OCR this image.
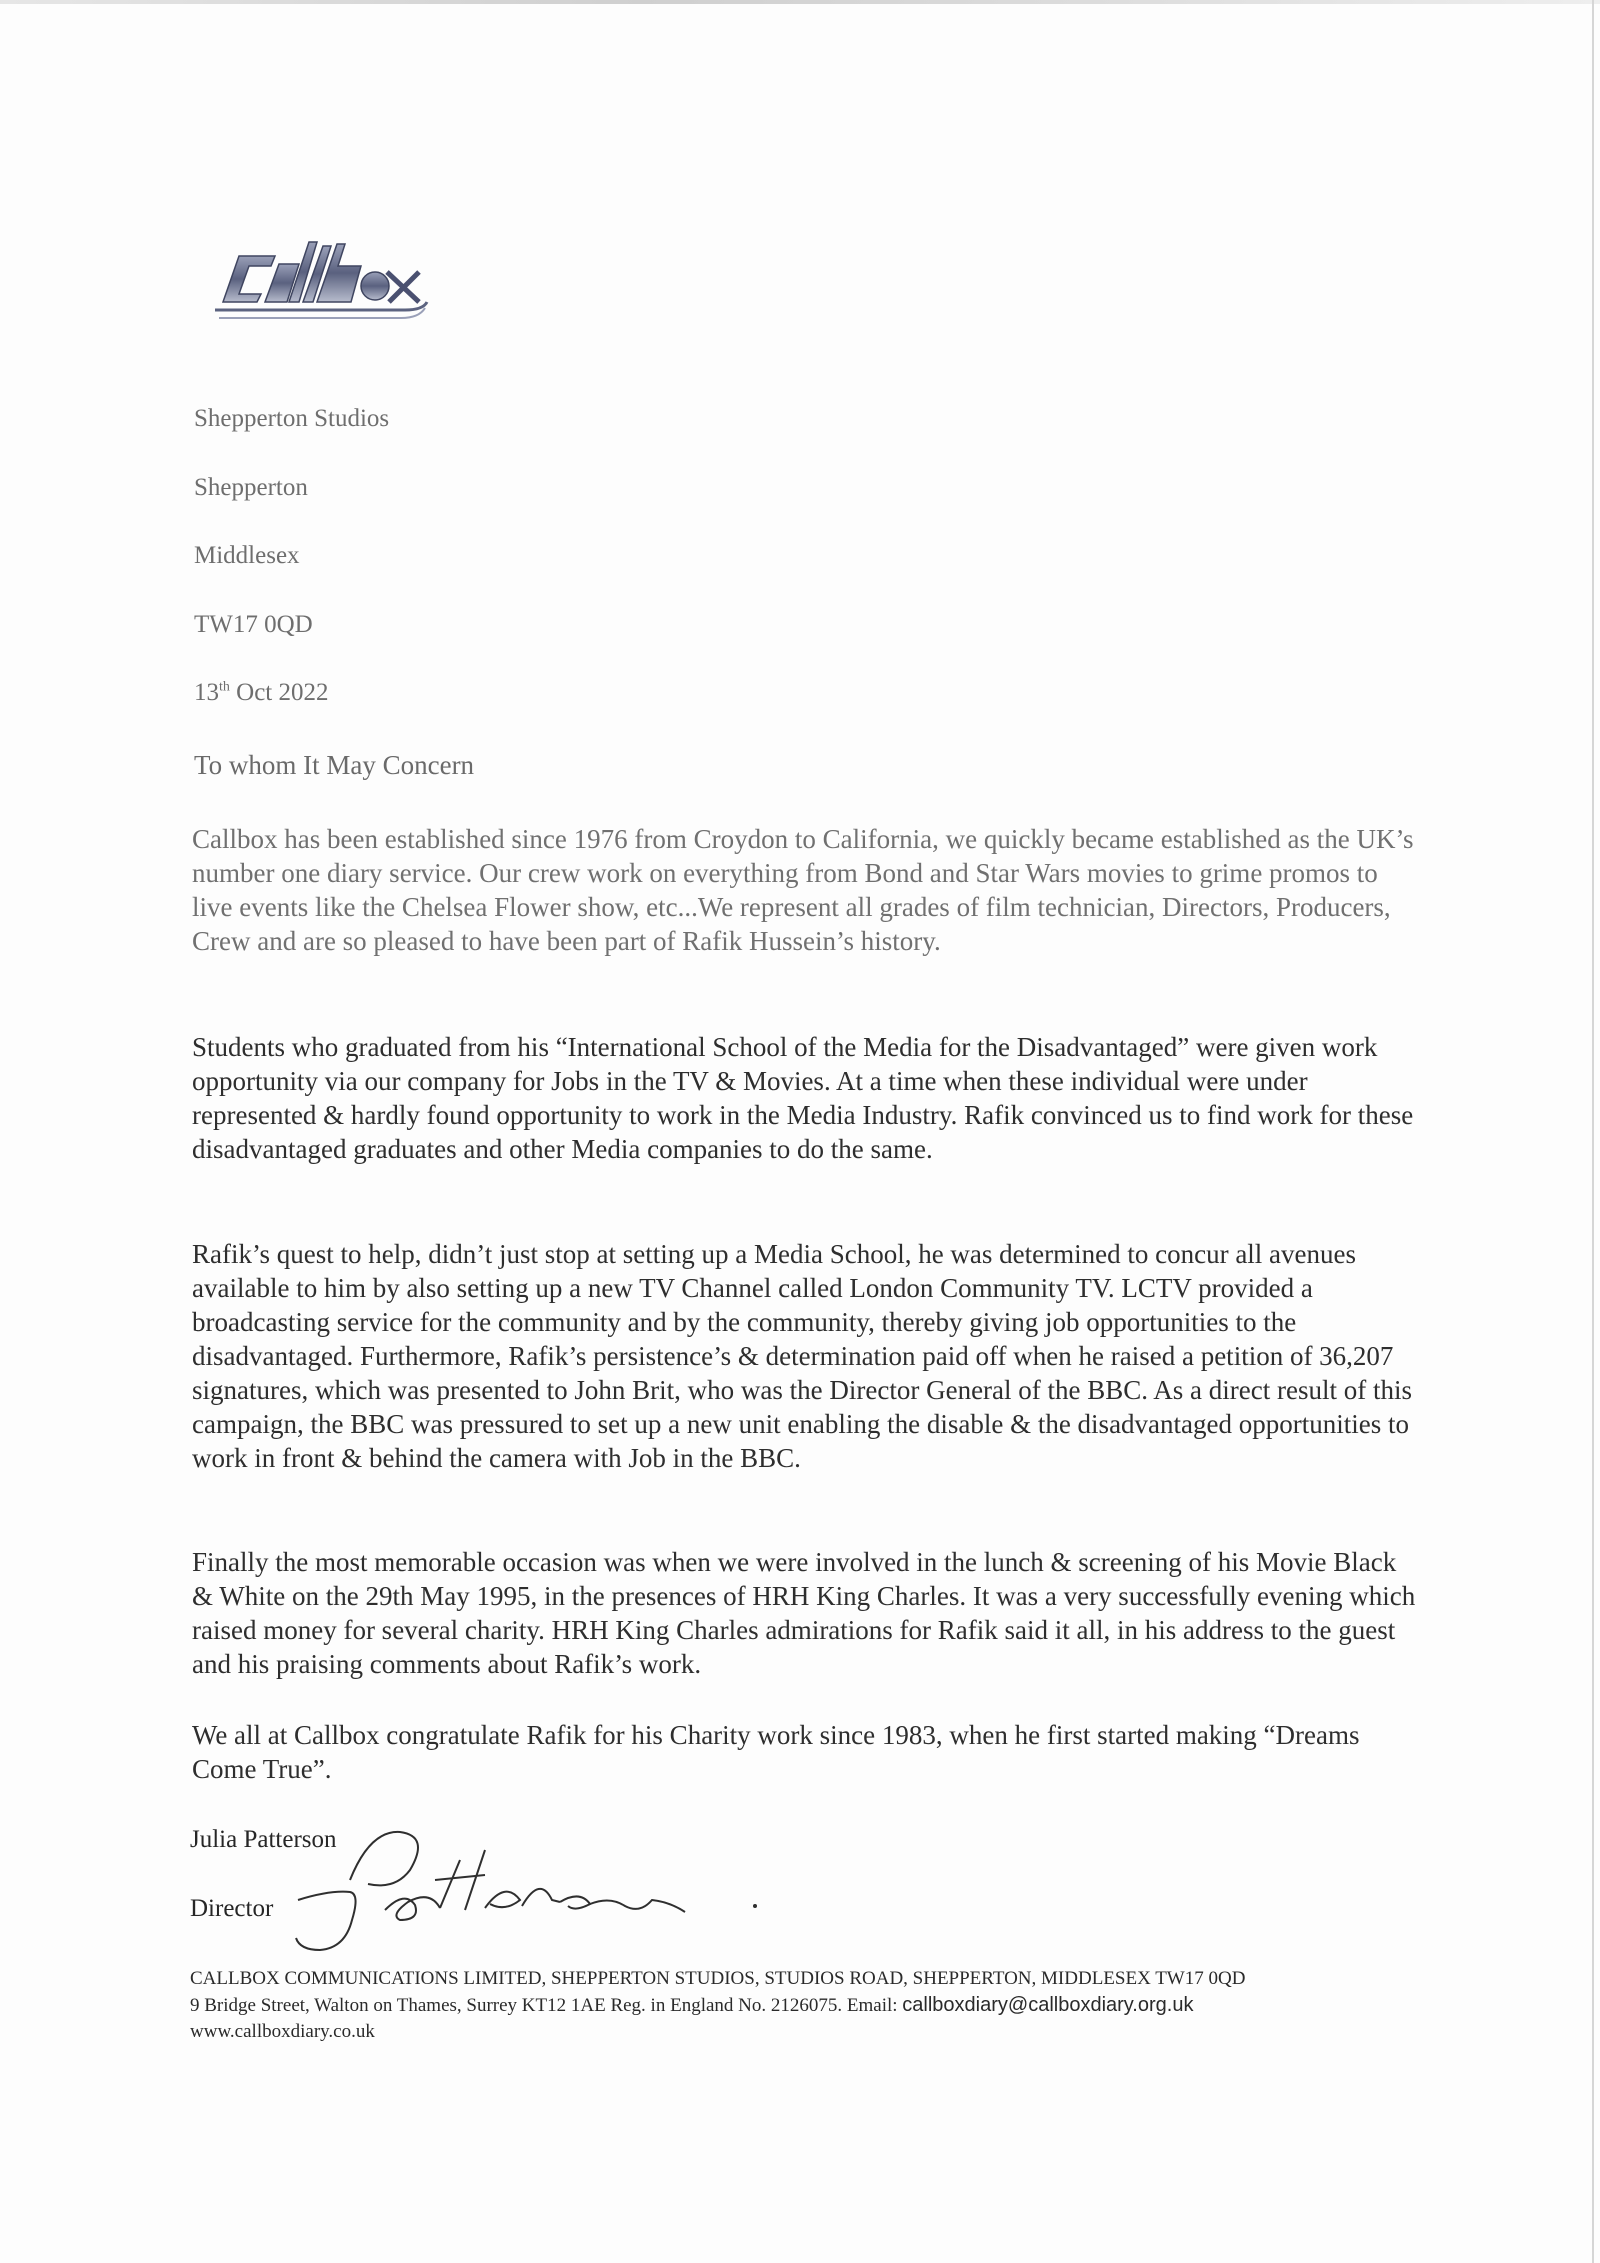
Callbox

Shepperton Studios

Shepperton

Middlesex

TW17 0QD

13th Oct 2022

To whom It May Concern

Callbox has been established since 1976 from Croydon to California, we quickly became established as the UK’s number one diary service. Our crew work on everything from Bond and Star Wars movies to grime promos to live events like the Chelsea Flower show, etc...We represent all grades of film technician, Directors, Producers, Crew and are so pleased to have been part of Rafik Hussein’s history.

Students who graduated from his “International School of the Media for the Disadvantaged” were given work opportunity via our company for Jobs in the TV & Movies. At a time when these individual were under represented & hardly found opportunity to work in the Media Industry. Rafik convinced us to find work for these disadvantaged graduates and other Media companies to do the same.

Rafik’s quest to help, didn’t just stop at setting up a Media School, he was determined to concur all avenues available to him by also setting up a new TV Channel called London Community TV. LCTV provided a broadcasting service for the community and by the community, thereby giving job opportunities to the disadvantaged. Furthermore, Rafik’s persistence’s & determination paid off when he raised a petition of 36,207 signatures, which was presented to John Brit, who was the Director General of the BBC. As a direct result of this campaign, the BBC was pressured to set up a new unit enabling the disable & the disadvantaged opportunities to work in front & behind the camera with Job in the BBC.

Finally the most memorable occasion was when we were involved in the lunch & screening of his Movie Black & White on the 29th May 1995, in the presences of HRH King Charles. It was a very successfully evening which raised money for several charity. HRH King Charles admirations for Rafik said it all, in his address to the guest and his praising comments about Rafik’s work.

We all at Callbox congratulate Rafik for his Charity work since 1983, when he first started making “Dreams Come True”.

Julia Patterson

Director

J Patterson
CALLBOX COMMUNICATIONS LIMITED, SHEPPERTON STUDIOS, STUDIOS ROAD, SHEPPERTON, MIDDLESEX TW17 0QD
9 Bridge Street, Walton on Thames, Surrey KT12 1AE Reg. in England No. 2126075. Email: callboxdiary@callboxdiary.org.uk
www.callboxdiary.co.uk
